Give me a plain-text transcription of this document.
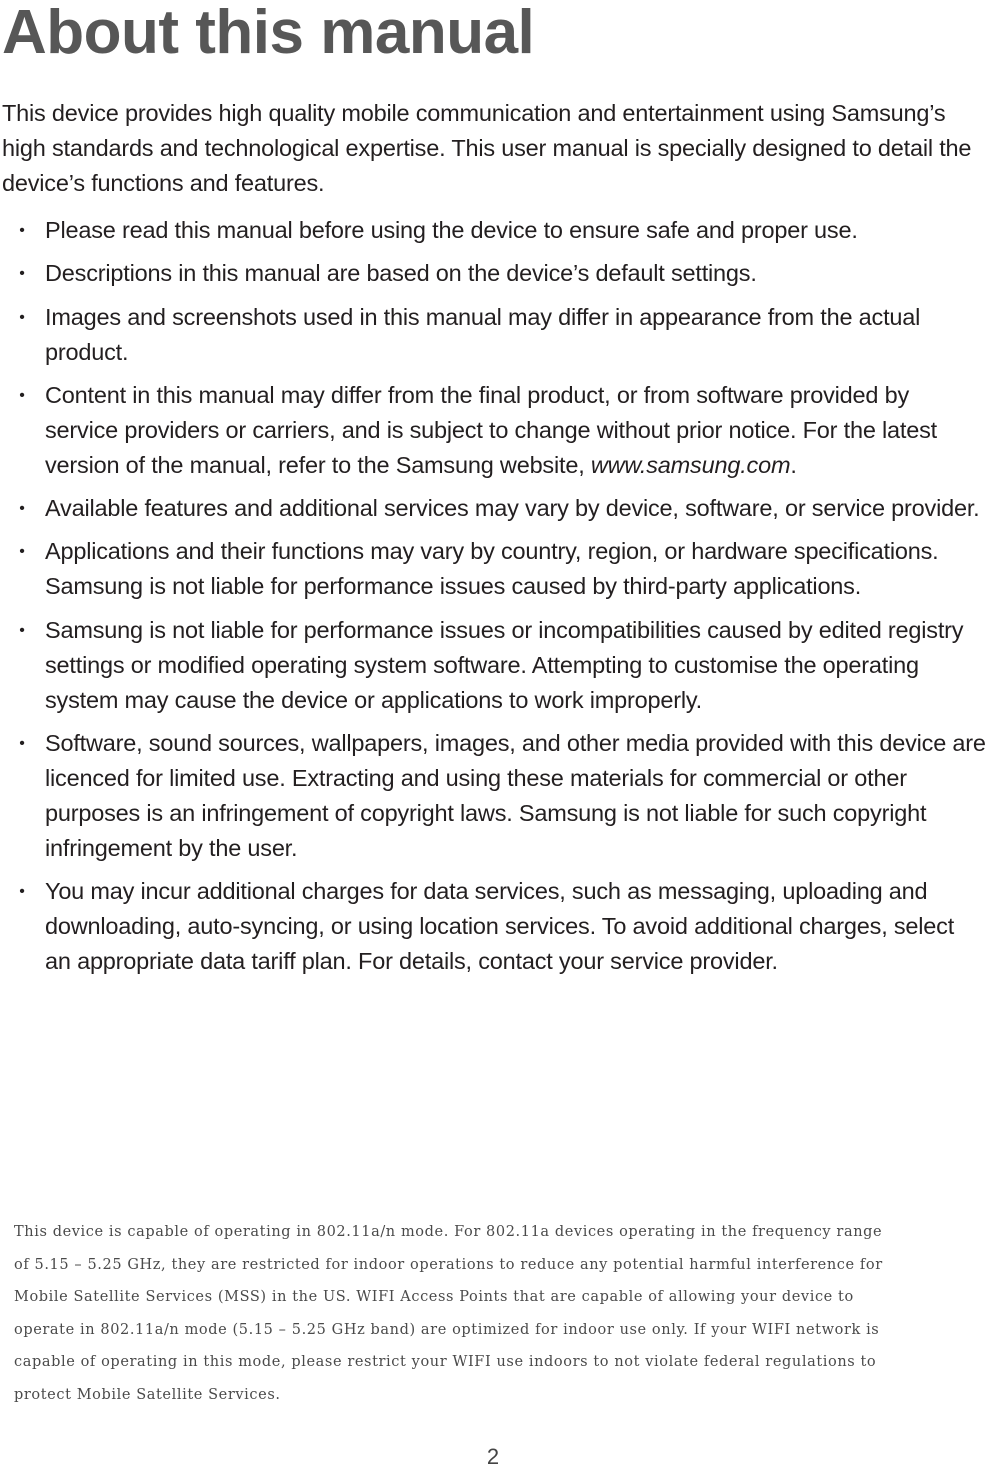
About this manual

This device provides high quality mobile communication and entertainment using Samsung’s high standards and technological expertise. This user manual is specially designed to detail the device’s functions and features.

• Please read this manual before using the device to ensure safe and proper use.
• Descriptions in this manual are based on the device’s default settings.
• Images and screenshots used in this manual may differ in appearance from the actual product.
• Content in this manual may differ from the final product, or from software provided by service providers or carriers, and is subject to change without prior notice. For the latest version of the manual, refer to the Samsung website, www.samsung.com.
• Available features and additional services may vary by device, software, or service provider.
• Applications and their functions may vary by country, region, or hardware specifications. Samsung is not liable for performance issues caused by third-party applications.
• Samsung is not liable for performance issues or incompatibilities caused by edited registry settings or modified operating system software. Attempting to customise the operating system may cause the device or applications to work improperly.
• Software, sound sources, wallpapers, images, and other media provided with this device are licenced for limited use. Extracting and using these materials for commercial or other purposes is an infringement of copyright laws. Samsung is not liable for such copyright infringement by the user.
• You may incur additional charges for data services, such as messaging, uploading and downloading, auto-syncing, or using location services. To avoid additional charges, select an appropriate data tariff plan. For details, contact your service provider.
This device is capable of operating in 802.11a/n mode. For 802.11a devices operating in the frequency range
of 5.15 – 5.25 GHz, they are restricted for indoor operations to reduce any potential harmful interference for
Mobile Satellite Services (MSS) in the US. WIFI Access Points that are capable of allowing your device to
operate in 802.11a/n mode (5.15 – 5.25 GHz band) are optimized for indoor use only. If your WIFI network is
capable of operating in this mode, please restrict your WIFI use indoors to not violate federal regulations to
protect Mobile Satellite Services.
2
